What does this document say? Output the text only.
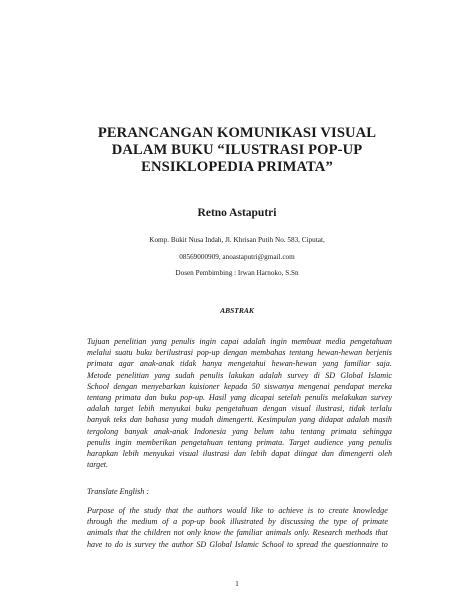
PERANCANGAN KOMUNIKASI VISUAL
DALAM BUKU “ILUSTRASI POP-UP
ENSIKLOPEDIA PRIMATA”
Retno Astaputri
Komp. Bukit Nusa Indah, Jl. Khrisan Putih No. 583, Ciputat,
08569000909, anoastaputri@gmail.com
Dosen Pembimbing : Irwan Harnoko, S.Sn
ABSTRAK
Tujuan penelitian yang penulis ingin capai adalah ingin membuat media pengetahuan
melalui suatu buku berilustrasi pop-up dengan membahas tentang hewan-hewan berjenis
primata agar anak-anak tidak hanya mengetahui hewan-hewan yang familiar saja.
Metode penelitian yang sudah penulis lakukan adalah survey di SD Global Islamic
School dengan menyebarkan kuisioner kepada 50 siswanya mengenai pendapat mereka
tentang primata dan buku pop-up. Hasil yang dicapai setelah penulis melakukan survey
adalah target lebih menyukai buku pengetahuan dengan visual ilustrasi, tidak terlalu
banyak teks dan bahasa yang mudah dimengerti. Kesimpulan yang didapat adalah masih
tergolong banyak anak-anak Indonesia yang belum tahu tentang primata sehingga
penulis ingin memberikan pengetahuan tentang primata. Target audience yang penulis
harapkan lebih menyukai visual ilustrasi dan lebih dapat diingat dan dimengerti oleh
target.
Translate English :
Purpose of the study that the authors would like to achieve is to create knowledge
through the medium of a pop-up book illustrated by discussing the type of primate
animals that the children not only know the familiar animals only. Research methods that
have to do is survey the author SD Global Islamic School to spread the questionnaire to
1
